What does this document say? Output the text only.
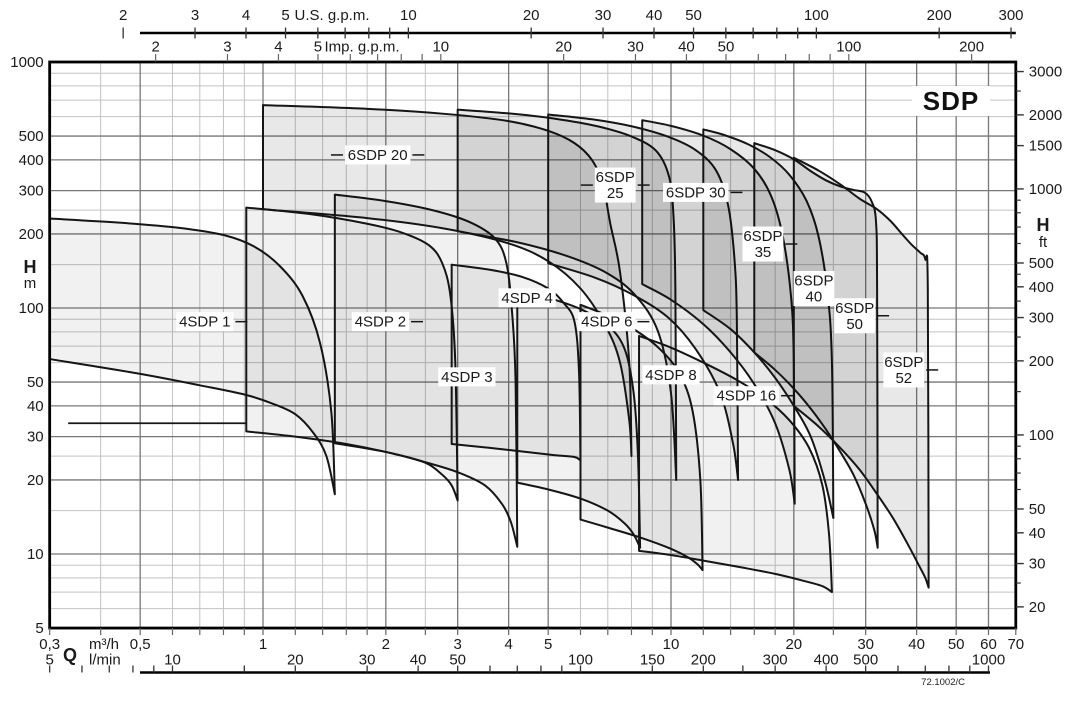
4SDP 1	4SDP 2
4SDP 3
4SDP 4
4SDP 6
4SDP 8
4SDP 16
6SDP 20
6SDP
25	6SDP 30
6SDP
35
6SDP
40
6SDP
50
6SDP
52
2	3	4 5	10	20	30 40 50	100	200	300
U.S. g.p.m.
2	3	4 5	10	20	30 40 50	100	200
Imp. g.p.m.
1000
500
400
300
200
100
50
40
30
20
10
5
H
m
3000
2000
1500
1000
500
400
300
200
100
50
40
30
20
H
ft
0,3	0,5	1	2	3	4 5	10	20	30 40 50 60 70
m³/h
5	10	20	30 40 50	100	150 200	300 400 500	1000
l/min
Q
SDP
72.1002/C
